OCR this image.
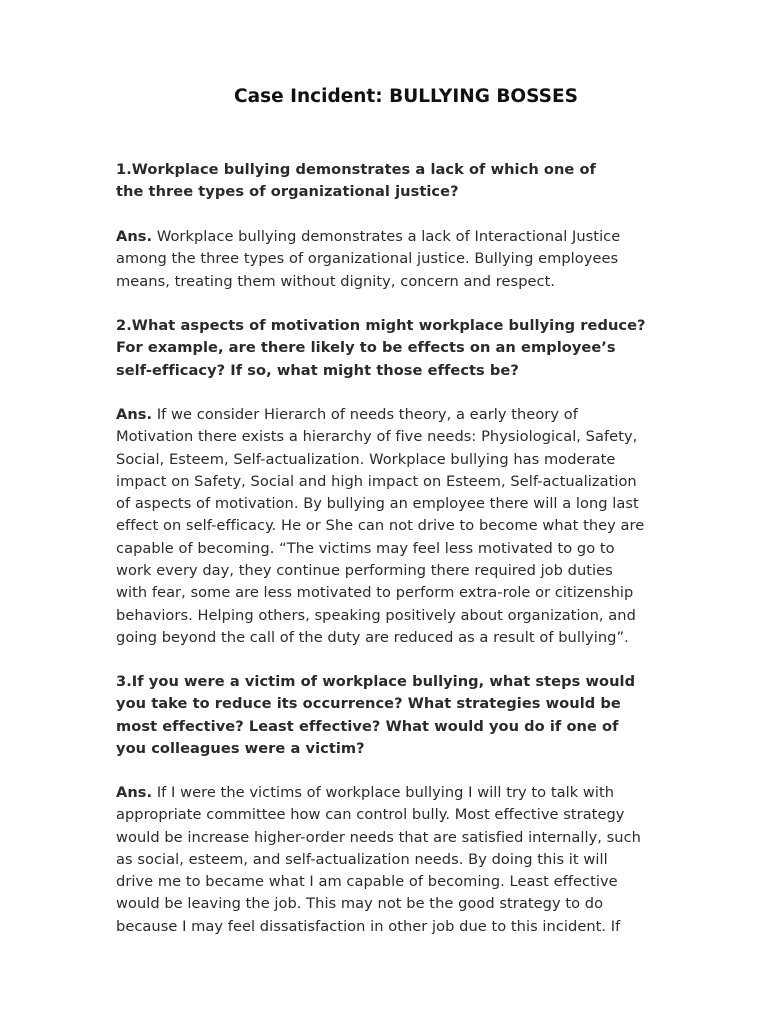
Case Incident: BULLYING BOSSES
1.Workplace bullying demonstrates a lack of which one of
the three types of organizational justice?
Ans. Workplace bullying demonstrates a lack of Interactional Justice
among the three types of organizational justice. Bullying employees
means, treating them without dignity, concern and respect.
2.What aspects of motivation might workplace bullying reduce?
For example, are there likely to be effects on an employee’s
self-efficacy? If so, what might those effects be?
Ans. If we consider Hierarch of needs theory, a early theory of
Motivation there exists a hierarchy of five needs: Physiological, Safety,
Social, Esteem, Self-actualization. Workplace bullying has moderate
impact on Safety, Social and high impact on Esteem, Self-actualization
of aspects of motivation. By bullying an employee there will a long last
effect on self-efficacy. He or She can not drive to become what they are
capable of becoming. “The victims may feel less motivated to go to
work every day, they continue performing there required job duties
with fear, some are less motivated to perform extra-role or citizenship
behaviors. Helping others, speaking positively about organization, and
going beyond the call of the duty are reduced as a result of bullying”.
3.If you were a victim of workplace bullying, what steps would
you take to reduce its occurrence? What strategies would be
most effective? Least effective? What would you do if one of
you colleagues were a victim?
Ans. If I were the victims of workplace bullying I will try to talk with
appropriate committee how can control bully. Most effective strategy
would be increase higher-order needs that are satisfied internally, such
as social, esteem, and self-actualization needs. By doing this it will
drive me to became what I am capable of becoming. Least effective
would be leaving the job. This may not be the good strategy to do
because I may feel dissatisfaction in other job due to this incident. If
